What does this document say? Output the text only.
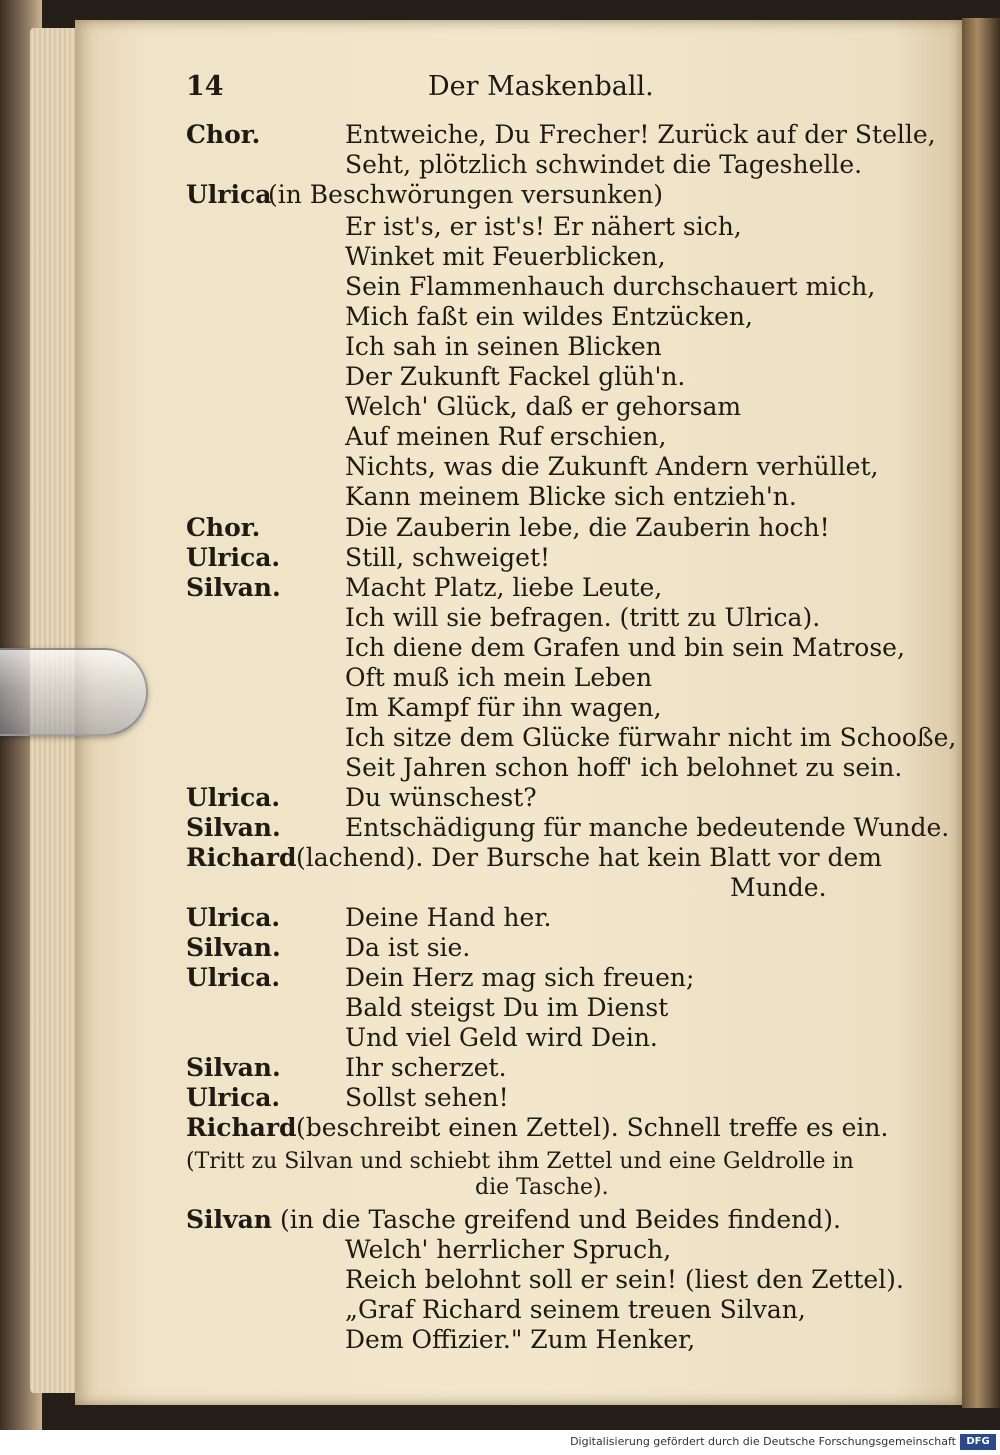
14	Der Maskenball.
Chor.	Entweiche, Du Frecher! Zurück auf der Stelle,
Seht, plötzlich schwindet die Tageshelle.
Ulrica
(in Beschwörungen versunken)
Er ist's, er ist's! Er nähert sich,
Winket mit Feuerblicken,
Sein Flammenhauch durchschauert mich,
Mich faßt ein wildes Entzücken,
Ich sah in seinen Blicken
Der Zukunft Fackel glüh'n.
Welch' Glück, daß er gehorsam
Auf meinen Ruf erschien,
Nichts, was die Zukunft Andern verhüllet,
Kann meinem Blicke sich entzieh'n.
Chor.	Die Zauberin lebe, die Zauberin hoch!
Ulrica.	Still, schweiget!
Silvan.	Macht Platz, liebe Leute,
Ich will sie befragen. (tritt zu Ulrica).
Ich diene dem Grafen und bin sein Matrose,
Oft muß ich mein Leben
Im Kampf für ihn wagen,
Ich sitze dem Glücke fürwahr nicht im Schooße,
Seit Jahren schon hoff' ich belohnet zu sein.
Ulrica.	Du wünschest?
Silvan.	Entschädigung für manche bedeutende Wunde.
Richard (lachend). Der Bursche hat kein Blatt vor dem
Munde.
Ulrica.	Deine Hand her.
Silvan.	Da ist sie.
Ulrica.	Dein Herz mag sich freuen;
Bald steigst Du im Dienst
Und viel Geld wird Dein.
Silvan.	Ihr scherzet.
Ulrica.	Sollst sehen!
Richard (beschreibt einen Zettel). Schnell treffe es ein.
(Tritt zu Silvan und schiebt ihm Zettel und eine Geldrolle in
die Tasche).
Silvan (in die Tasche greifend und Beides findend).
Welch' herrlicher Spruch,
Reich belohnt soll er sein! (liest den Zettel).
„Graf Richard seinem treuen Silvan,
Dem Offizier." Zum Henker,
Digitalisierung gefördert durch die Deutsche Forschungsgemeinschaft	DFG
